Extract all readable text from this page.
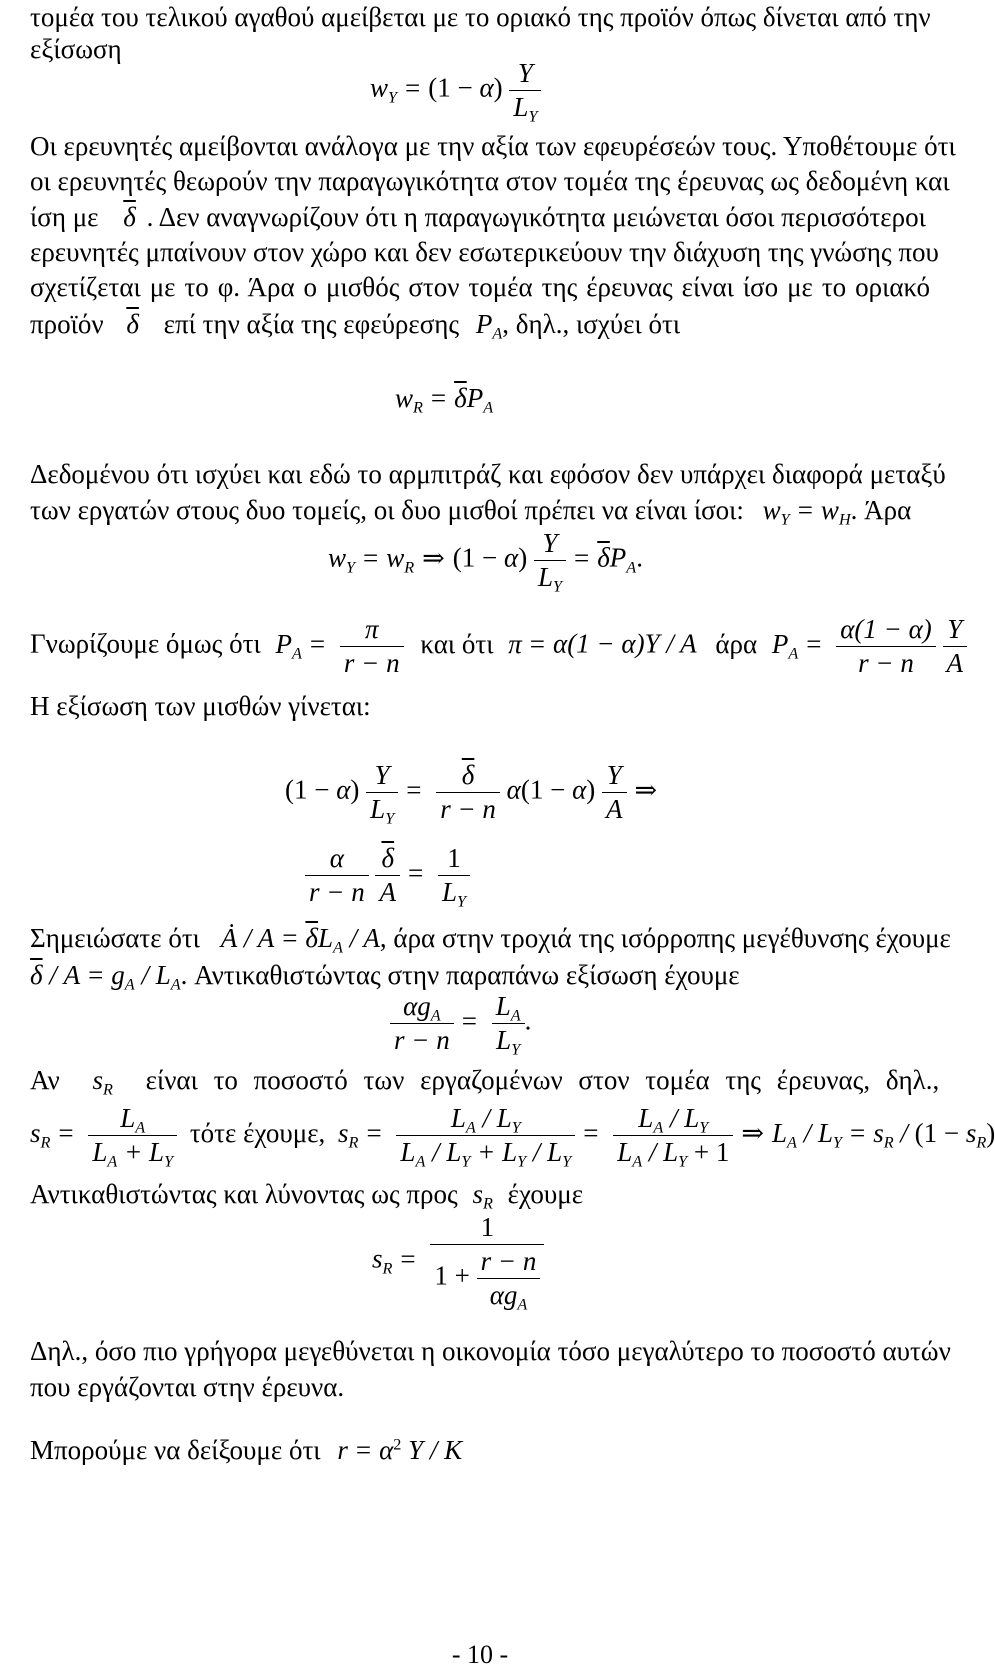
τομέα του τελικού αγαθού αμείβεται με το οριακό της προϊόν όπως δίνεται από την
εξίσωση
$w_Y = (1 - \alpha) \frac{Y}{L_Y}$
Οι ερευνητές αμείβονται ανάλογα με την αξία των εφευρέσεών τους. Υποθέτουμε ότι
οι ερευνητές θεωρούν την παραγωγικότητα στον τομέα της έρευνας ως δεδομένη και
ίση με $\overline{\delta}$ . Δεν αναγνωρίζουν ότι η παραγωγικότητα μειώνεται όσοι περισσότεροι
ερευνητές μπαίνουν στον χώρο και δεν εσωτερικεύουν την διάχυση της γνώσης που
σχετίζεται με το φ. Άρα ο μισθός στον τομέα της έρευνας είναι ίσο με το οριακό
προϊόν $\overline{\delta}$ επί την αξία της εφεύρεσης $P_A$, δηλ., ισχύει ότι
$w_R = \overline{\delta}P_A$
Δεδομένου ότι ισχύει και εδώ το αρμπιτράζ και εφόσον δεν υπάρχει διαφορά μεταξύ
των εργατών στους δυο τομείς, οι δυο μισθοί πρέπει να είναι ίσοι: $w_Y = w_H$. Άρα
$w_Y = w_R$ ⇒ $(1 - \alpha) \frac{Y}{L_Y} = \overline{\delta}P_A$.
Γνωρίζουμε όμως ότι $P_A = \frac{\pi}{r - n}$ και ότι π = α(1 − α)Y / A άρα $P_A = \frac{\alpha(1 - \alpha)}{r - n}$
$\frac{Y}{A}$
Η εξίσωση των μισθών γίνεται:
$(1 - \alpha) \frac{Y}{L_Y} = \frac{\overline{\delta}}{r - n} \alpha(1 - \alpha) \frac{Y}{A}$ ⇒
$\frac{\alpha}{r - n}$
$\frac{\overline{\delta}}{A} = \frac{1}{L_Y}$
Σημειώσατε ότι Ȧ / $A = \overline{\delta}L_A / A$, άρα στην τροχιά της ισόρροπης μεγέθυνσης έχουμε
$\overline{\delta} / A = g_A / L_A$. Αντικαθιστώντας στην παραπάνω εξίσωση έχουμε
$\frac{\alpha g_A}{r - n} = \frac{L_A}{L_Y}$ .
Αν $s_R$ είναι το ποσοστό των εργαζομένων στον τομέα της έρευνας, δηλ.,
$s_R = \frac{L_A}{L_A + L_Y}$ τότε έχουμε, $s_R = \frac{L_A / L_Y}{L_A / L_Y + L_Y / L_Y} = \frac{L_A / L_Y}{L_A / L_Y + 1}$ ⇒ $L_A / L_Y = s_R / (1 - s_R)$
Αντικαθιστώντας και λύνοντας ως προς $s_R$ έχουμε
$s_R = \frac{1}{1 + \frac{r - n}{\alpha g_A}}$
Δηλ., όσο πιο γρήγορα μεγεθύνεται η οικονομία τόσο μεγαλύτερο το ποσοστό αυτών
που εργάζονται στην έρευνα.
Μπορούμε να δείξουμε ότι $r = \alpha^2$ Y / K
- 10 -
